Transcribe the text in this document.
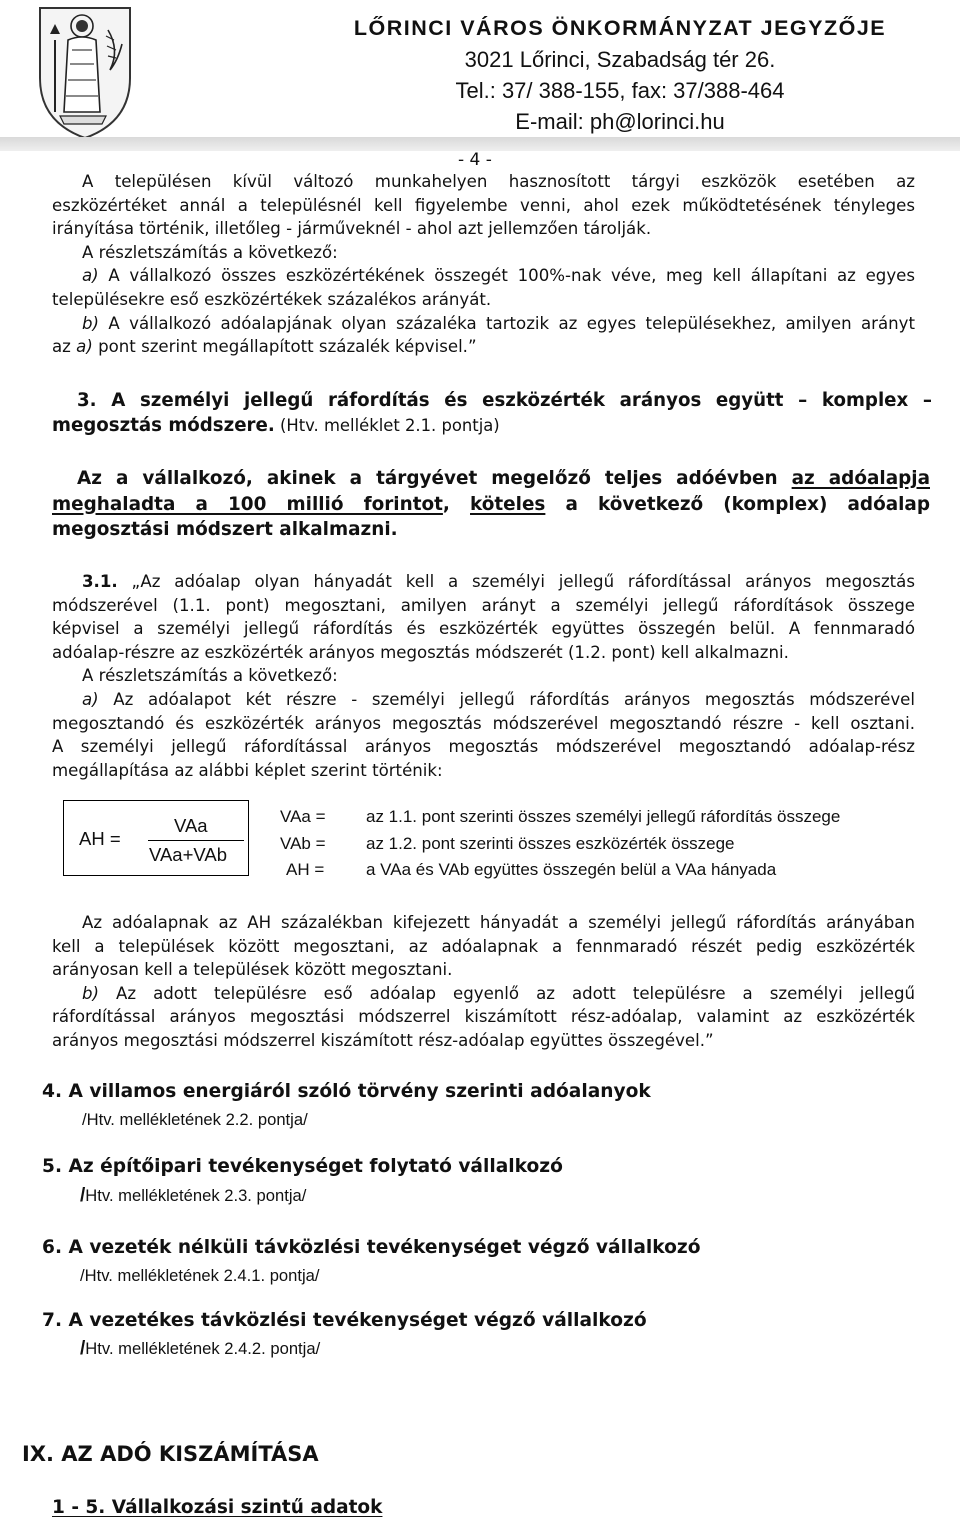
LŐRINCI VÁROS ÖNKORMÁNYZAT JEGYZŐJE
3021 Lőrinci, Szabadság tér 26.
Tel.: 37/ 388-155, fax: 37/388-464
E-mail: ph@lorinci.hu
- 4 -
A településen kívül változó munkahelyen hasznosított tárgyi eszközök esetében az
eszközértéket annál a településnél kell figyelembe venni, ahol ezek működtetésének tényleges
irányítása történik, illetőleg - járműveknél - ahol azt jellemzően tárolják.
A részletszámítás a következő:
a) A vállalkozó összes eszközértékének összegét 100%-nak véve, meg kell állapítani az egyes
településekre eső eszközértékek százalékos arányát.
b) A vállalkozó adóalapjának olyan százaléka tartozik az egyes településekhez, amilyen arányt
az a) pont szerint megállapított százalék képvisel.”
3. A személyi jellegű ráfordítás és eszközérték arányos együtt – komplex –
megosztás módszere. (Htv. melléklet 2.1. pontja)
Az a vállalkozó, akinek a tárgyévet megelőző teljes adóévben az adóalapja
meghaladta a 100 millió forintot, köteles a következő (komplex) adóalap
megosztási módszert alkalmazni.
3.1. „Az adóalap olyan hányadát kell a személyi jellegű ráfordítással arányos megosztás
módszerével (1.1. pont) megosztani, amilyen arányt a személyi jellegű ráfordítások összege
képvisel a személyi jellegű ráfordítás és eszközérték együttes összegén belül. A fennmaradó
adóalap-részre az eszközérték arányos megosztás módszerét (1.2. pont) kell alkalmazni.
A részletszámítás a következő:
a) Az adóalapot két részre - személyi jellegű ráfordítás arányos megosztás módszerével
megosztandó és eszközérték arányos megosztás módszerével megosztandó részre - kell osztani.
A személyi jellegű ráfordítással arányos megosztás módszerével megosztandó adóalap-rész
megállapítása az alábbi képlet szerint történik:
AH =
VAa
VAa+VAb
VAa =	az 1.1. pont szerinti összes személyi jellegű ráfordítás összege
VAb =	az 1.2. pont szerinti összes eszközérték összege
AH =	a VAa és VAb együttes összegén belül a VAa hányada
Az adóalapnak az AH százalékban kifejezett hányadát a személyi jellegű ráfordítás arányában
kell a települések között megosztani, az adóalapnak a fennmaradó részét pedig eszközérték
arányosan kell a települések között megosztani.
b) Az adott településre eső adóalap egyenlő az adott településre a személyi jellegű
ráfordítással arányos megosztási módszerrel kiszámított rész-adóalap, valamint az eszközérték
arányos megosztási módszerrel kiszámított rész-adóalap együttes összegével.”
4. A villamos energiáról szóló törvény szerinti adóalanyok
/Htv. mellékletének 2.2. pontja/
5. Az építőipari tevékenységet folytató vállalkozó
/Htv. mellékletének 2.3. pontja/
6. A vezeték nélküli távközlési tevékenységet végző vállalkozó
/Htv. mellékletének 2.4.1. pontja/
7. A vezetékes távközlési tevékenységet végző vállalkozó
/Htv. mellékletének 2.4.2. pontja/
IX. AZ ADÓ KISZÁMÍTÁSA
1 - 5. Vállalkozási szintű adatok
